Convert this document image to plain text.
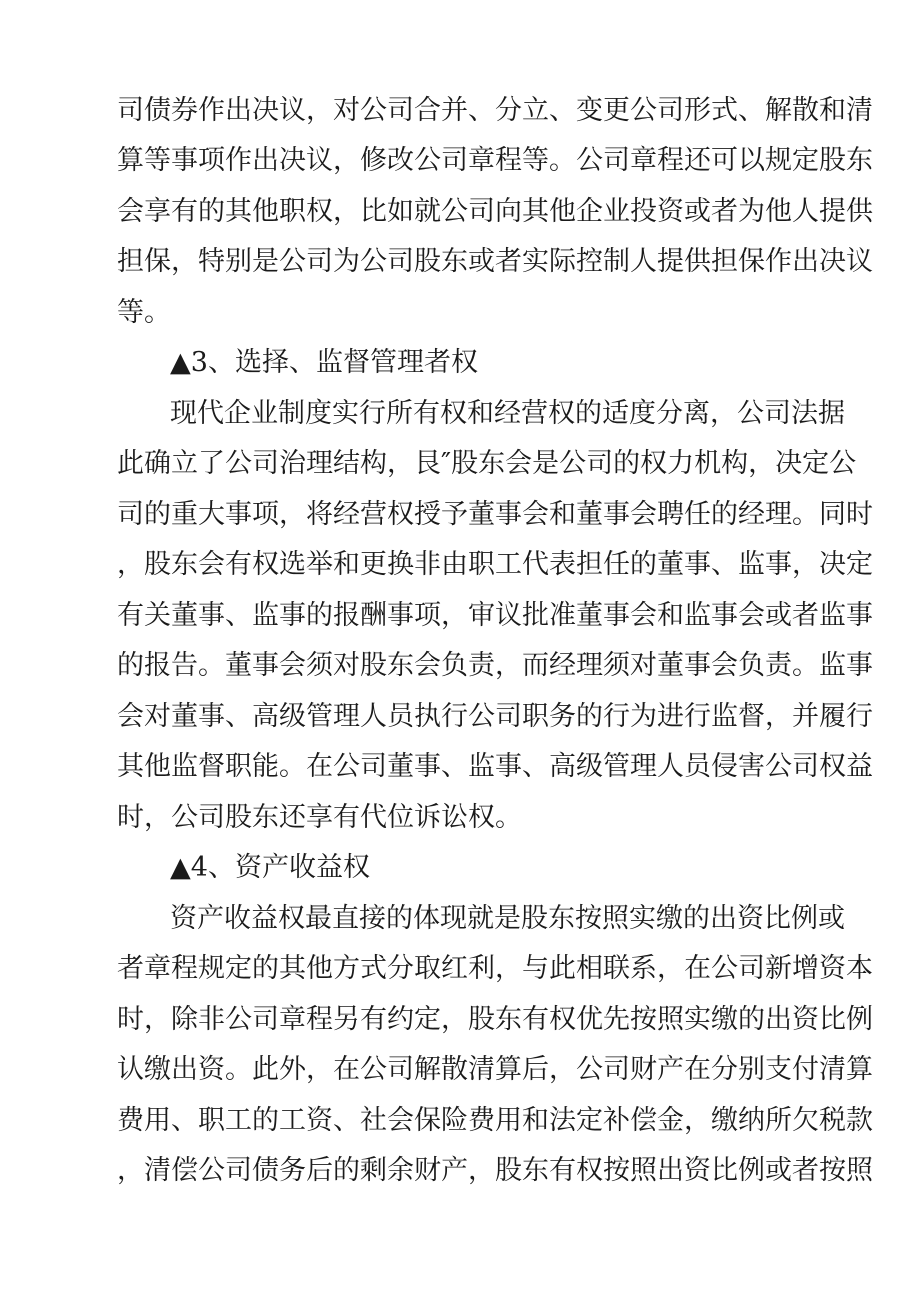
司债券作出决议，对公司合并、分立、变更公司形式、解散和清
算等事项作出决议，修改公司章程等。公司章程还可以规定股东
会享有的其他职权，比如就公司向其他企业投资或者为他人提供
担保，特别是公司为公司股东或者实际控制人提供担保作出决议
等。
▲3、选择、监督管理者权
现代企业制度实行所有权和经营权的适度分离，公司法据
此确立了公司治理结构，艮″股东会是公司的权力机构，决定公
司的重大事项，将经营权授予董事会和董事会聘任的经理。同时
，股东会有权选举和更换非由职工代表担任的董事、监事，决定
有关董事、监事的报酬事项，审议批准董事会和监事会或者监事
的报告。董事会须对股东会负责，而经理须对董事会负责。监事
会对董事、高级管理人员执行公司职务的行为进行监督，并履行
其他监督职能。在公司董事、监事、高级管理人员侵害公司权益
时，公司股东还享有代位诉讼权。
▲4、资产收益权
资产收益权最直接的体现就是股东按照实缴的出资比例或
者章程规定的其他方式分取红利，与此相联系，在公司新增资本
时，除非公司章程另有约定，股东有权优先按照实缴的出资比例
认缴出资。此外，在公司解散清算后，公司财产在分别支付清算
费用、职工的工资、社会保险费用和法定补偿金，缴纳所欠税款
，清偿公司债务后的剩余财产，股东有权按照出资比例或者按照
